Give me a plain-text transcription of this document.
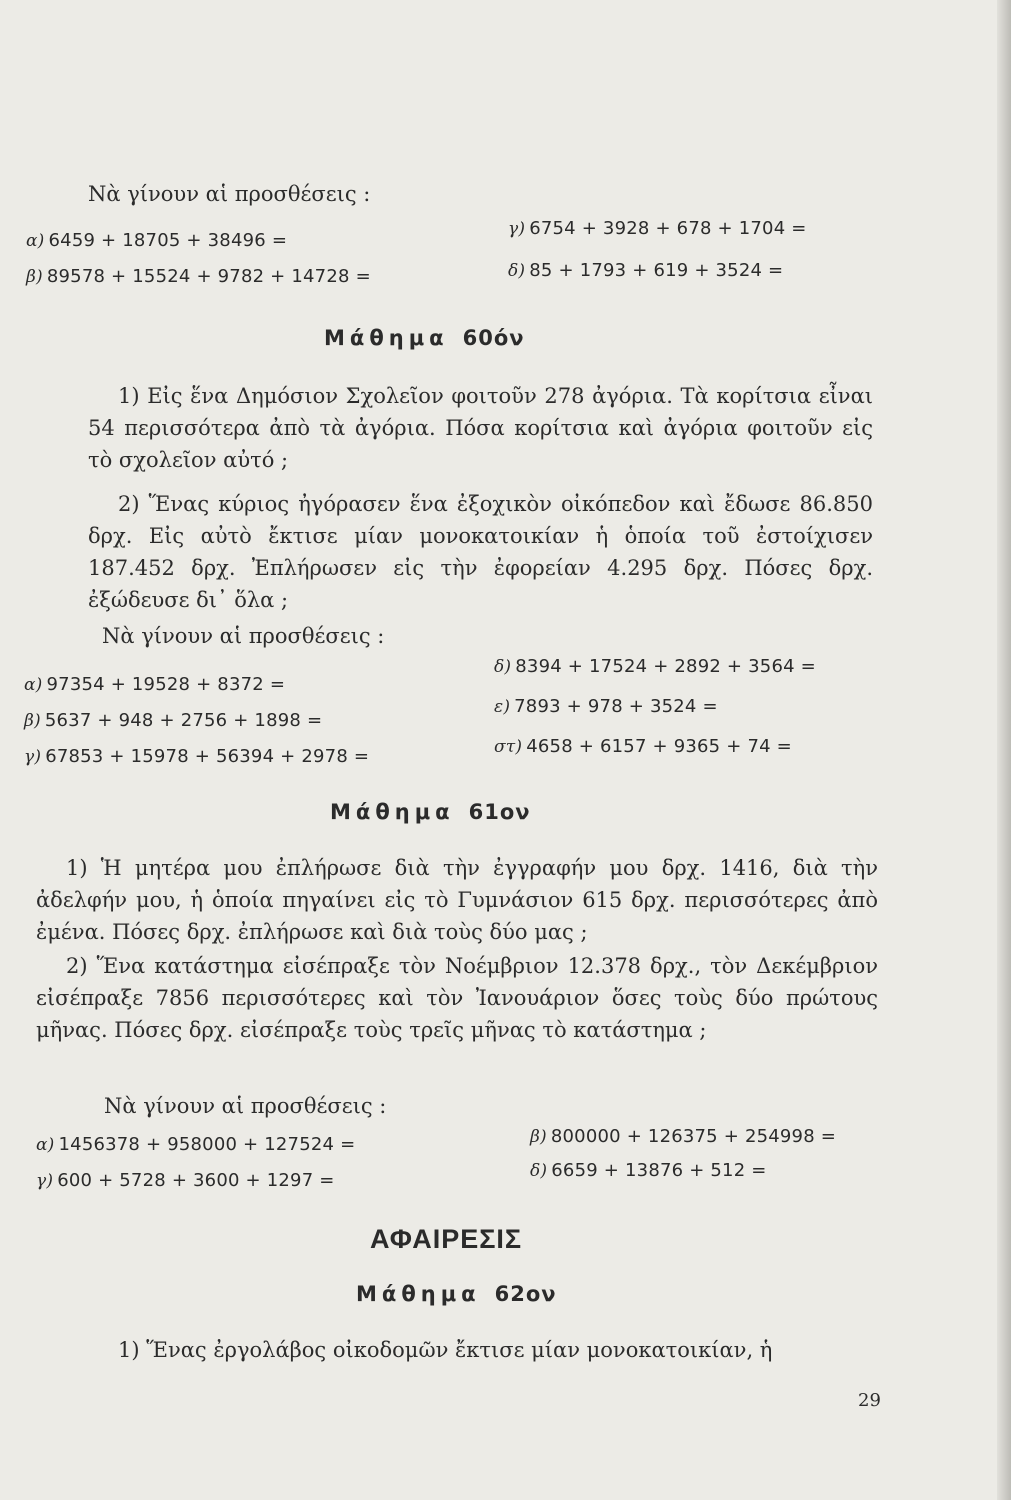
Νὰ γίνουν αἱ προσθέσεις :
α) 6459 + 18705 + 38496 =
β) 89578 + 15524 + 9782 + 14728 =
γ) 6754 + 3928 + 678 + 1704 =
δ) 85 + 1793 + 619 + 3524 =
Μάθημα 60όν
1) Εἰς ἕνα Δημόσιον Σχολεῖον φοιτοῦν 278 ἀγόρια. Τὰ κορίτσια εἶναι 54 περισσότερα ἀπὸ τὰ ἀγόρια. Πόσα κορίτσια καὶ ἀγόρια φοιτοῦν εἰς τὸ σχολεῖον αὐτό ;
2) Ἕνας κύριος ἠγόρασεν ἕνα ἐξοχικὸν οἰκόπεδον καὶ ἔδωσε 86.850 δρχ. Εἰς αὐτὸ ἔκτισε μίαν μονοκατοικίαν ἡ ὁποία τοῦ ἐστοίχισεν 187.452 δρχ. Ἐπλήρωσεν εἰς τὴν ἐφορείαν 4.295 δρχ. Πόσες δρχ. ἐξώδευσε δι᾽ ὅλα ;
Νὰ γίνουν αἱ προσθέσεις :
α) 97354 + 19528 + 8372 =
β) 5637 + 948 + 2756 + 1898 =
γ) 67853 + 15978 + 56394 + 2978 =
δ) 8394 + 17524 + 2892 + 3564 =
ε) 7893 + 978 + 3524 =
στ) 4658 + 6157 + 9365 + 74 =
Μάθημα 61ον
1) Ἡ μητέρα μου ἐπλήρωσε διὰ τὴν ἐγγραφήν μου δρχ. 1416, διὰ τὴν ἀδελφήν μου, ἡ ὁποία πηγαίνει εἰς τὸ Γυμνάσιον 615 δρχ. περισσότερες ἀπὸ ἐμένα. Πόσες δρχ. ἐπλήρωσε καὶ διὰ τοὺς δύο μας ;
2) Ἕνα κατάστημα εἰσέπραξε τὸν Νοέμβριον 12.378 δρχ., τὸν Δεκέμβριον εἰσέπραξε 7856 περισσότερες καὶ τὸν Ἰανουάριον ὅσες τοὺς δύο πρώτους μῆνας. Πόσες δρχ. εἰσέπραξε τοὺς τρεῖς μῆνας τὸ κατάστημα ;
Νὰ γίνουν αἱ προσθέσεις :
α) 1456378 + 958000 + 127524 =
γ) 600 + 5728 + 3600 + 1297 =
β) 800000 + 126375 + 254998 =
δ) 6659 + 13876 + 512 =
ΑΦΑΙΡΕΣΙΣ
Μάθημα 62ον
1) Ἕνας ἐργολάβος οἰκοδομῶν ἔκτισε μίαν μονοκατοικίαν, ἡ
29
